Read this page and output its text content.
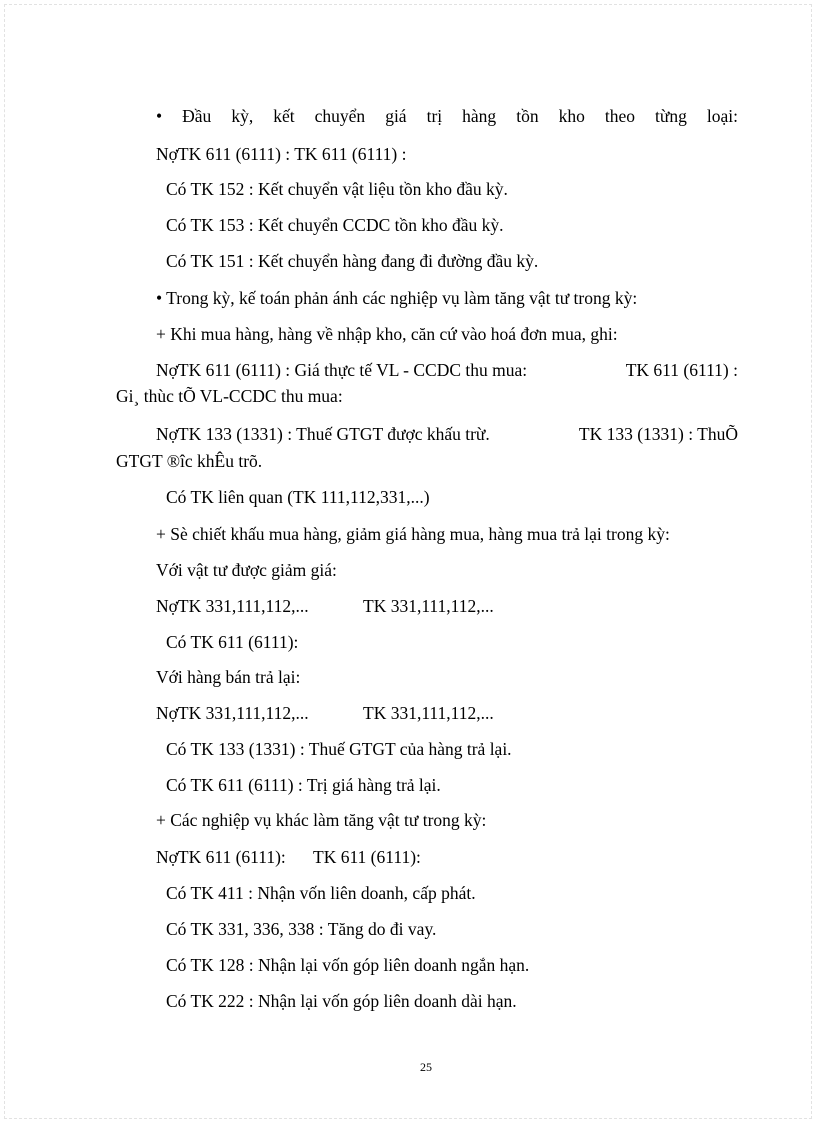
• Đầu kỳ, kết chuyển giá trị hàng tồn kho theo từng loại:
NợTK 611 (6111) : TK 611 (6111) :
Có TK 152 : Kết chuyển vật liệu tồn kho đầu kỳ.
Có TK 153 : Kết chuyển CCDC tồn kho đầu kỳ.
Có TK 151 : Kết chuyển hàng đang đi đường đầu kỳ.
• Trong kỳ, kế toán phản ánh các nghiệp vụ làm tăng vật tư trong kỳ:
+ Khi mua hàng, hàng về nhập kho, căn cứ vào hoá đơn mua, ghi:
NợTK 611 (6111) : Giá thực tế VL - CCDC thu mua:	TK 611 (6111) :
Gi¸ thùc tÕ VL-CCDC thu mua:
NợTK 133 (1331) : Thuế GTGT được khấu trừ.	TK 133 (1331) : ThuÕ
GTGT ®îc khÊu trõ.
Có TK liên quan (TK 111,112,331,...)
+ Sè chiết khấu mua hàng, giảm giá hàng mua, hàng mua trả lại trong kỳ:
Với vật tư được giảm giá:
NợTK 331,111,112,...	TK 331,111,112,...
Có TK 611 (6111):
Với hàng bán trả lại:
NợTK 331,111,112,...	TK 331,111,112,...
Có TK 133 (1331) : Thuế GTGT của hàng trả lại.
Có TK 611 (6111) : Trị giá hàng trả lại.
+ Các nghiệp vụ khác làm tăng vật tư trong kỳ:
NợTK 611 (6111): TK 611 (6111):
Có TK 411 : Nhận vốn liên doanh, cấp phát.
Có TK 331, 336, 338 : Tăng do đi vay.
Có TK 128 : Nhận lại vốn góp liên doanh ngắn hạn.
Có TK 222 : Nhận lại vốn góp liên doanh dài hạn.
25
